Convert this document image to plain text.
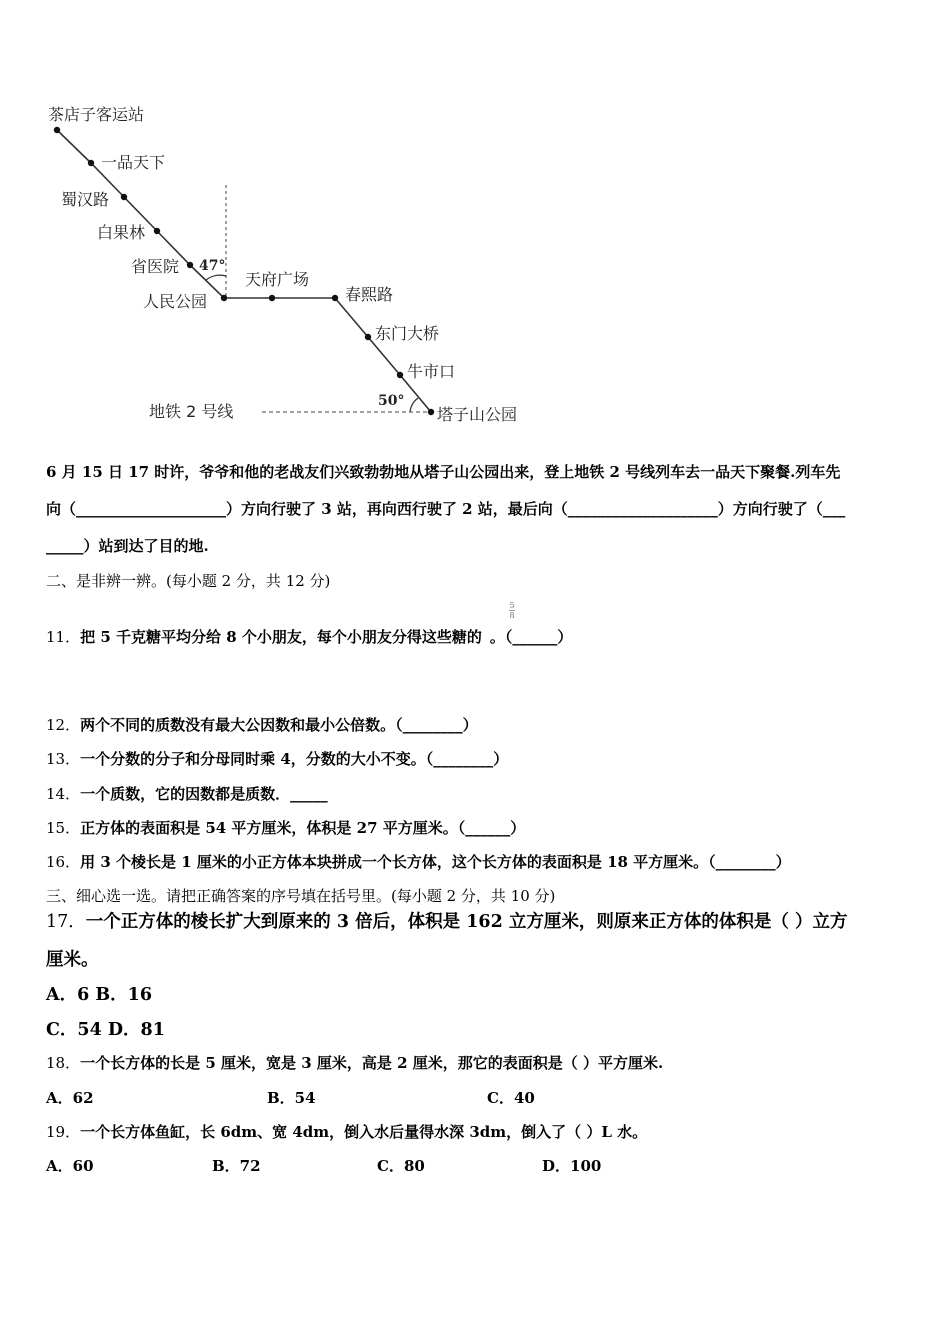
茶店子客运站
一品天下
蜀汉路
白果林
省医院
人民公园
天府广场
春熙路
东门大桥
牛市口
塔子山公园
47°
50°
地铁 2 号线
6 月 15 日 17 时许，爷爷和他的老战友们兴致勃勃地从塔子山公园出来，登上地铁 2 号线列车去一品天下聚餐.列车先
向（____________________）方向行驶了 3 站，再向西行驶了 2 站，最后向（____________________）方向行驶了（___
_____）站到达了目的地.
二、是非辨一辨。(每小题 2 分，共 12 分)
11．把 5 千克糖平均分给 8 个小朋友，每个小朋友分得这些糖的 。（______）
5
8
12．两个不同的质数没有最大公因数和最小公倍数。（________）
13．一个分数的分子和分母同时乘 4，分数的大小不变。（________）
14．一个质数，它的因数都是质数．_____
15．正方体的表面积是 54 平方厘米，体积是 27 平方厘米。（______）
16．用 3 个棱长是 1 厘米的小正方体本块拼成一个长方体，这个长方体的表面积是 18 平方厘米。（________）
三、细心选一选。请把正确答案的序号填在括号里。(每小题 2 分，共 10 分)
17．一个正方体的棱长扩大到原来的 3 倍后，体积是 162 立方厘米，则原来正方体的体积是（ ）立方
厘米。
A．6 B．16
C．54 D．81
18．一个长方体的长是 5 厘米，宽是 3 厘米，高是 2 厘米，那它的表面积是（ ）平方厘米.
A．62	B．54	C．40
19．一个长方体鱼缸，长 6dm、宽 4dm，倒入水后量得水深 3dm，倒入了（ ）L 水。
A．60	B．72	C．80	D．100
